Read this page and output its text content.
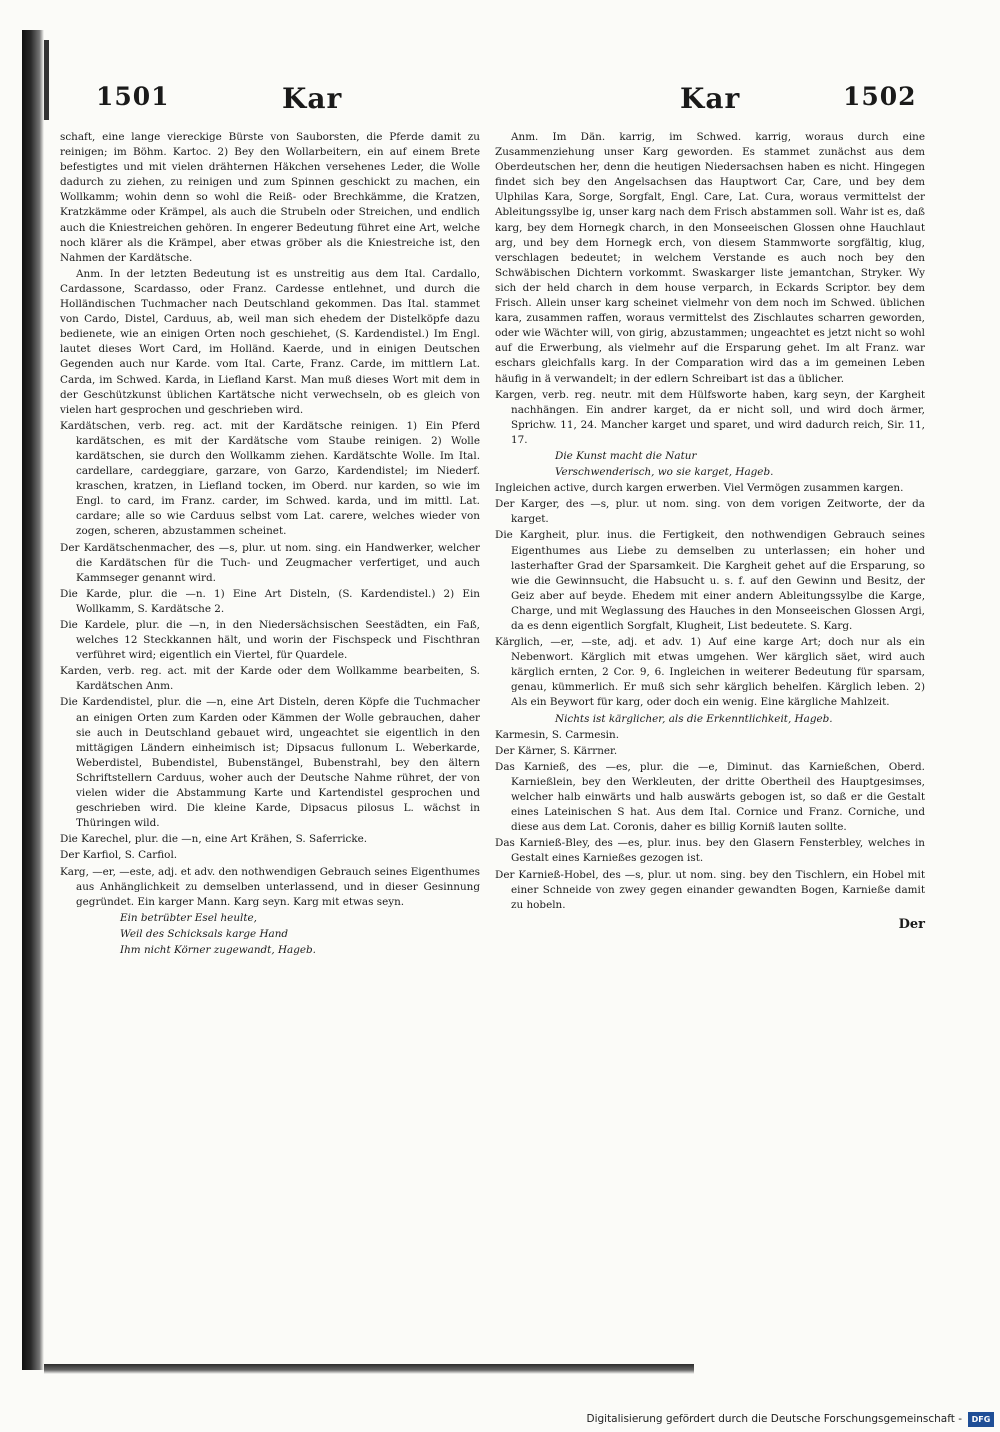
1501	Kar	Kar	1502

schaft, eine lange viereckige Bürste von Sauborsten, die Pferde damit zu reinigen; im Böhm. Kartoc. 2) Bey den Wollarbeitern, ein auf einem Brete befestigtes und mit vielen drähternen Häkchen versehenes Leder, die Wolle dadurch zu ziehen, zu reinigen und zum Spinnen geschickt zu machen, ein Wollkamm; wohin denn so wohl die Reiß- oder Brechkämme, die Kratzen, Kratzkämme oder Krämpel, als auch die Strubeln oder Streichen, und endlich auch die Kniestreichen gehören. In engerer Bedeutung führet eine Art, welche noch klärer als die Krämpel, aber etwas gröber als die Kniestreiche ist, den Nahmen der Kardätsche.

Anm. In der letzten Bedeutung ist es unstreitig aus dem Ital. Cardallo, Cardassone, Scardasso, oder Franz. Cardesse entlehnet, und durch die Holländischen Tuchmacher nach Deutschland gekommen. Das Ital. stammet von Cardo, Distel, Carduus, ab, weil man sich ehedem der Distelköpfe dazu bedienete, wie an einigen Orten noch geschiehet, (S. Kardendistel.) Im Engl. lautet dieses Wort Card, im Holländ. Kaerde, und in einigen Deutschen Gegenden auch nur Karde. vom Ital. Carte, Franz. Carde, im mittlern Lat. Carda, im Schwed. Karda, in Liefland Karst. Man muß dieses Wort mit dem in der Geschützkunst üblichen Kartätsche nicht verwechseln, ob es gleich von vielen hart gesprochen und geschrieben wird.

Kardätschen, verb. reg. act. mit der Kardätsche reinigen. 1) Ein Pferd kardätschen, es mit der Kardätsche vom Staube reinigen. 2) Wolle kardätschen, sie durch den Wollkamm ziehen. Kardätschte Wolle. Im Ital. cardellare, cardeggiare, garzare, von Garzo, Kardendistel; im Niederf. kraschen, kratzen, in Liefland tocken, im Oberd. nur karden, so wie im Engl. to card, im Franz. carder, im Schwed. karda, und im mittl. Lat. cardare; alle so wie Carduus selbst vom Lat. carere, welches wieder von zogen, scheren, abzustammen scheinet.

Der Kardätschenmacher, des —s, plur. ut nom. sing. ein Handwerker, welcher die Kardätschen für die Tuch- und Zeugmacher verfertiget, und auch Kammseger genannt wird.

Die Karde, plur. die —n. 1) Eine Art Disteln, (S. Kardendistel.) 2) Ein Wollkamm, S. Kardätsche 2.

Die Kardele, plur. die —n, in den Niedersächsischen Seestädten, ein Faß, welches 12 Steckkannen hält, und worin der Fischspeck und Fischthran verführet wird; eigentlich ein Viertel, für Quardele.

Karden, verb. reg. act. mit der Karde oder dem Wollkamme bearbeiten, S. Kardätschen Anm.

Die Kardendistel, plur. die —n, eine Art Disteln, deren Köpfe die Tuchmacher an einigen Orten zum Karden oder Kämmen der Wolle gebrauchen, daher sie auch in Deutschland gebauet wird, ungeachtet sie eigentlich in den mittägigen Ländern einheimisch ist; Dipsacus fullonum L. Weberkarde, Weberdistel, Bubendistel, Bubenstängel, Bubenstrahl, bey den ältern Schriftstellern Carduus, woher auch der Deutsche Nahme rühret, der von vielen wider die Abstammung Karte und Kartendistel gesprochen und geschrieben wird. Die kleine Karde, Dipsacus pilosus L. wächst in Thüringen wild.

Die Karechel, plur. die —n, eine Art Krähen, S. Saferricke.

Der Karfiol, S. Carfiol.

Karg, —er, —este, adj. et adv. den nothwendigen Gebrauch seines Eigenthumes aus Anhänglichkeit zu demselben unterlassend, und in dieser Gesinnung gegründet. Ein karger Mann. Karg seyn. Karg mit etwas seyn.

Ein betrübter Esel heulte,

Weil des Schicksals karge Hand

Ihm nicht Körner zugewandt, Hageb.

Anm. Im Dän. karrig, im Schwed. karrig, woraus durch eine Zusammenziehung unser Karg geworden. Es stammet zunächst aus dem Oberdeutschen her, denn die heutigen Niedersachsen haben es nicht. Hingegen findet sich bey den Angelsachsen das Hauptwort Car, Care, und bey dem Ulphilas Kara, Sorge, Sorgfalt, Engl. Care, Lat. Cura, woraus vermittelst der Ableitungssylbe ig, unser karg nach dem Frisch abstammen soll. Wahr ist es, daß karg, bey dem Hornegk charch, in den Monseeischen Glossen ohne Hauchlaut arg, und bey dem Hornegk erch, von diesem Stammworte sorgfältig, klug, verschlagen bedeutet; in welchem Verstande es auch noch bey den Schwäbischen Dichtern vorkommt. Swaskarger liste jemantchan, Stryker. Wy sich der held charch in dem house verparch, in Eckards Scriptor. bey dem Frisch. Allein unser karg scheinet vielmehr von dem noch im Schwed. üblichen kara, zusammen raffen, woraus vermittelst des Zischlautes scharren geworden, oder wie Wächter will, von girig, abzustammen; ungeachtet es jetzt nicht so wohl auf die Erwerbung, als vielmehr auf die Ersparung gehet. Im alt Franz. war eschars gleichfalls karg. In der Comparation wird das a im gemeinen Leben häufig in ä verwandelt; in der edlern Schreibart ist das a üblicher.

Kargen, verb. reg. neutr. mit dem Hülfsworte haben, karg seyn, der Kargheit nachhängen. Ein andrer karget, da er nicht soll, und wird doch ärmer, Sprichw. 11, 24. Mancher karget und sparet, und wird dadurch reich, Sir. 11, 17.

Die Kunst macht die Natur

Verschwenderisch, wo sie karget, Hageb.

Ingleichen active, durch kargen erwerben. Viel Vermögen zusammen kargen.

Der Karger, des —s, plur. ut nom. sing. von dem vorigen Zeitworte, der da karget.

Die Kargheit, plur. inus. die Fertigkeit, den nothwendigen Gebrauch seines Eigenthumes aus Liebe zu demselben zu unterlassen; ein hoher und lasterhafter Grad der Sparsamkeit. Die Kargheit gehet auf die Ersparung, so wie die Gewinnsucht, die Habsucht u. s. f. auf den Gewinn und Besitz, der Geiz aber auf beyde. Ehedem mit einer andern Ableitungssylbe die Karge, Charge, und mit Weglassung des Hauches in den Monseeischen Glossen Argi, da es denn eigentlich Sorgfalt, Klugheit, List bedeutete. S. Karg.

Kärglich, —er, —ste, adj. et adv. 1) Auf eine karge Art; doch nur als ein Nebenwort. Kärglich mit etwas umgehen. Wer kärglich säet, wird auch kärglich ernten, 2 Cor. 9, 6. Ingleichen in weiterer Bedeutung für sparsam, genau, kümmerlich. Er muß sich sehr kärglich behelfen. Kärglich leben. 2) Als ein Beywort für karg, oder doch ein wenig. Eine kärgliche Mahlzeit.

Nichts ist kärglicher, als die Erkenntlichkeit, Hageb.

Karmesin, S. Carmesin.

Der Kärner, S. Kärrner.

Das Karnieß, des —es, plur. die —e, Diminut. das Karnießchen, Oberd. Karnießlein, bey den Werkleuten, der dritte Obertheil des Hauptgesimses, welcher halb einwärts und halb auswärts gebogen ist, so daß er die Gestalt eines Lateinischen S hat. Aus dem Ital. Cornice und Franz. Corniche, und diese aus dem Lat. Coronis, daher es billig Korniß lauten sollte.

Das Karnieß-Bley, des —es, plur. inus. bey den Glasern Fensterbley, welches in Gestalt eines Karnießes gezogen ist.

Der Karnieß-Hobel, des —s, plur. ut nom. sing. bey den Tischlern, ein Hobel mit einer Schneide von zwey gegen einander gewandten Bogen, Karnieße damit zu hobeln.

Der
Digitalisierung gefördert durch die Deutsche Forschungsgemeinschaft -	DFG
